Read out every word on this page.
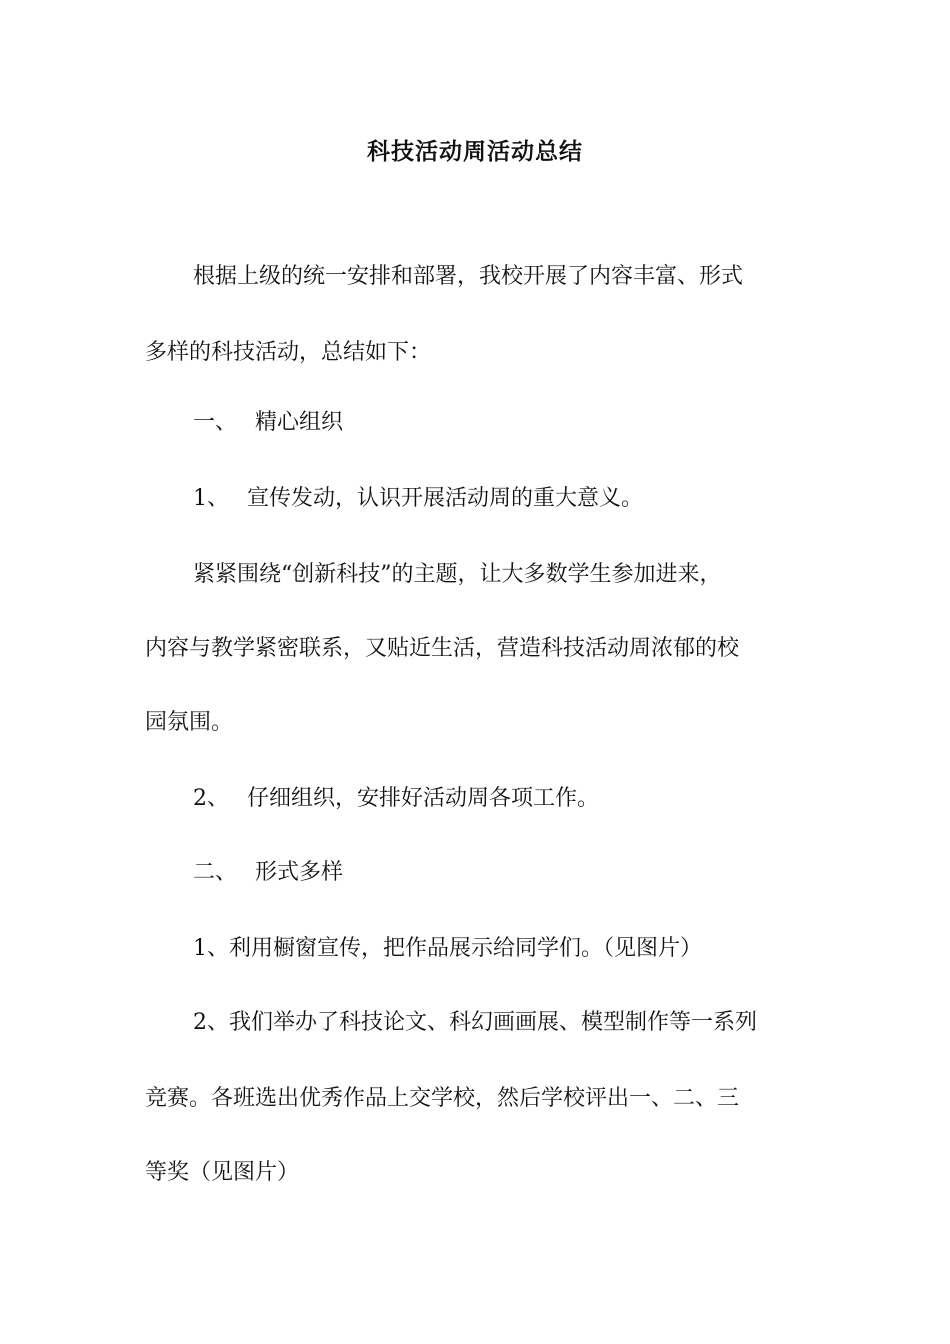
科技活动周活动总结
根据上级的统一安排和部署，我校开展了内容丰富、形式
多样的科技活动，总结如下：
一、 精心组织
1、 宣传发动，认识开展活动周的重大意义。
紧紧围绕“创新科技”的主题，让大多数学生参加进来，
内容与教学紧密联系，又贴近生活，营造科技活动周浓郁的校
园氛围。
2、 仔细组织，安排好活动周各项工作。
二、 形式多样
1、利用橱窗宣传，把作品展示给同学们。（见图片）
2、我们举办了科技论文、科幻画画展、模型制作等一系列
竞赛。各班选出优秀作品上交学校，然后学校评出一、二、三
等奖（见图片）
